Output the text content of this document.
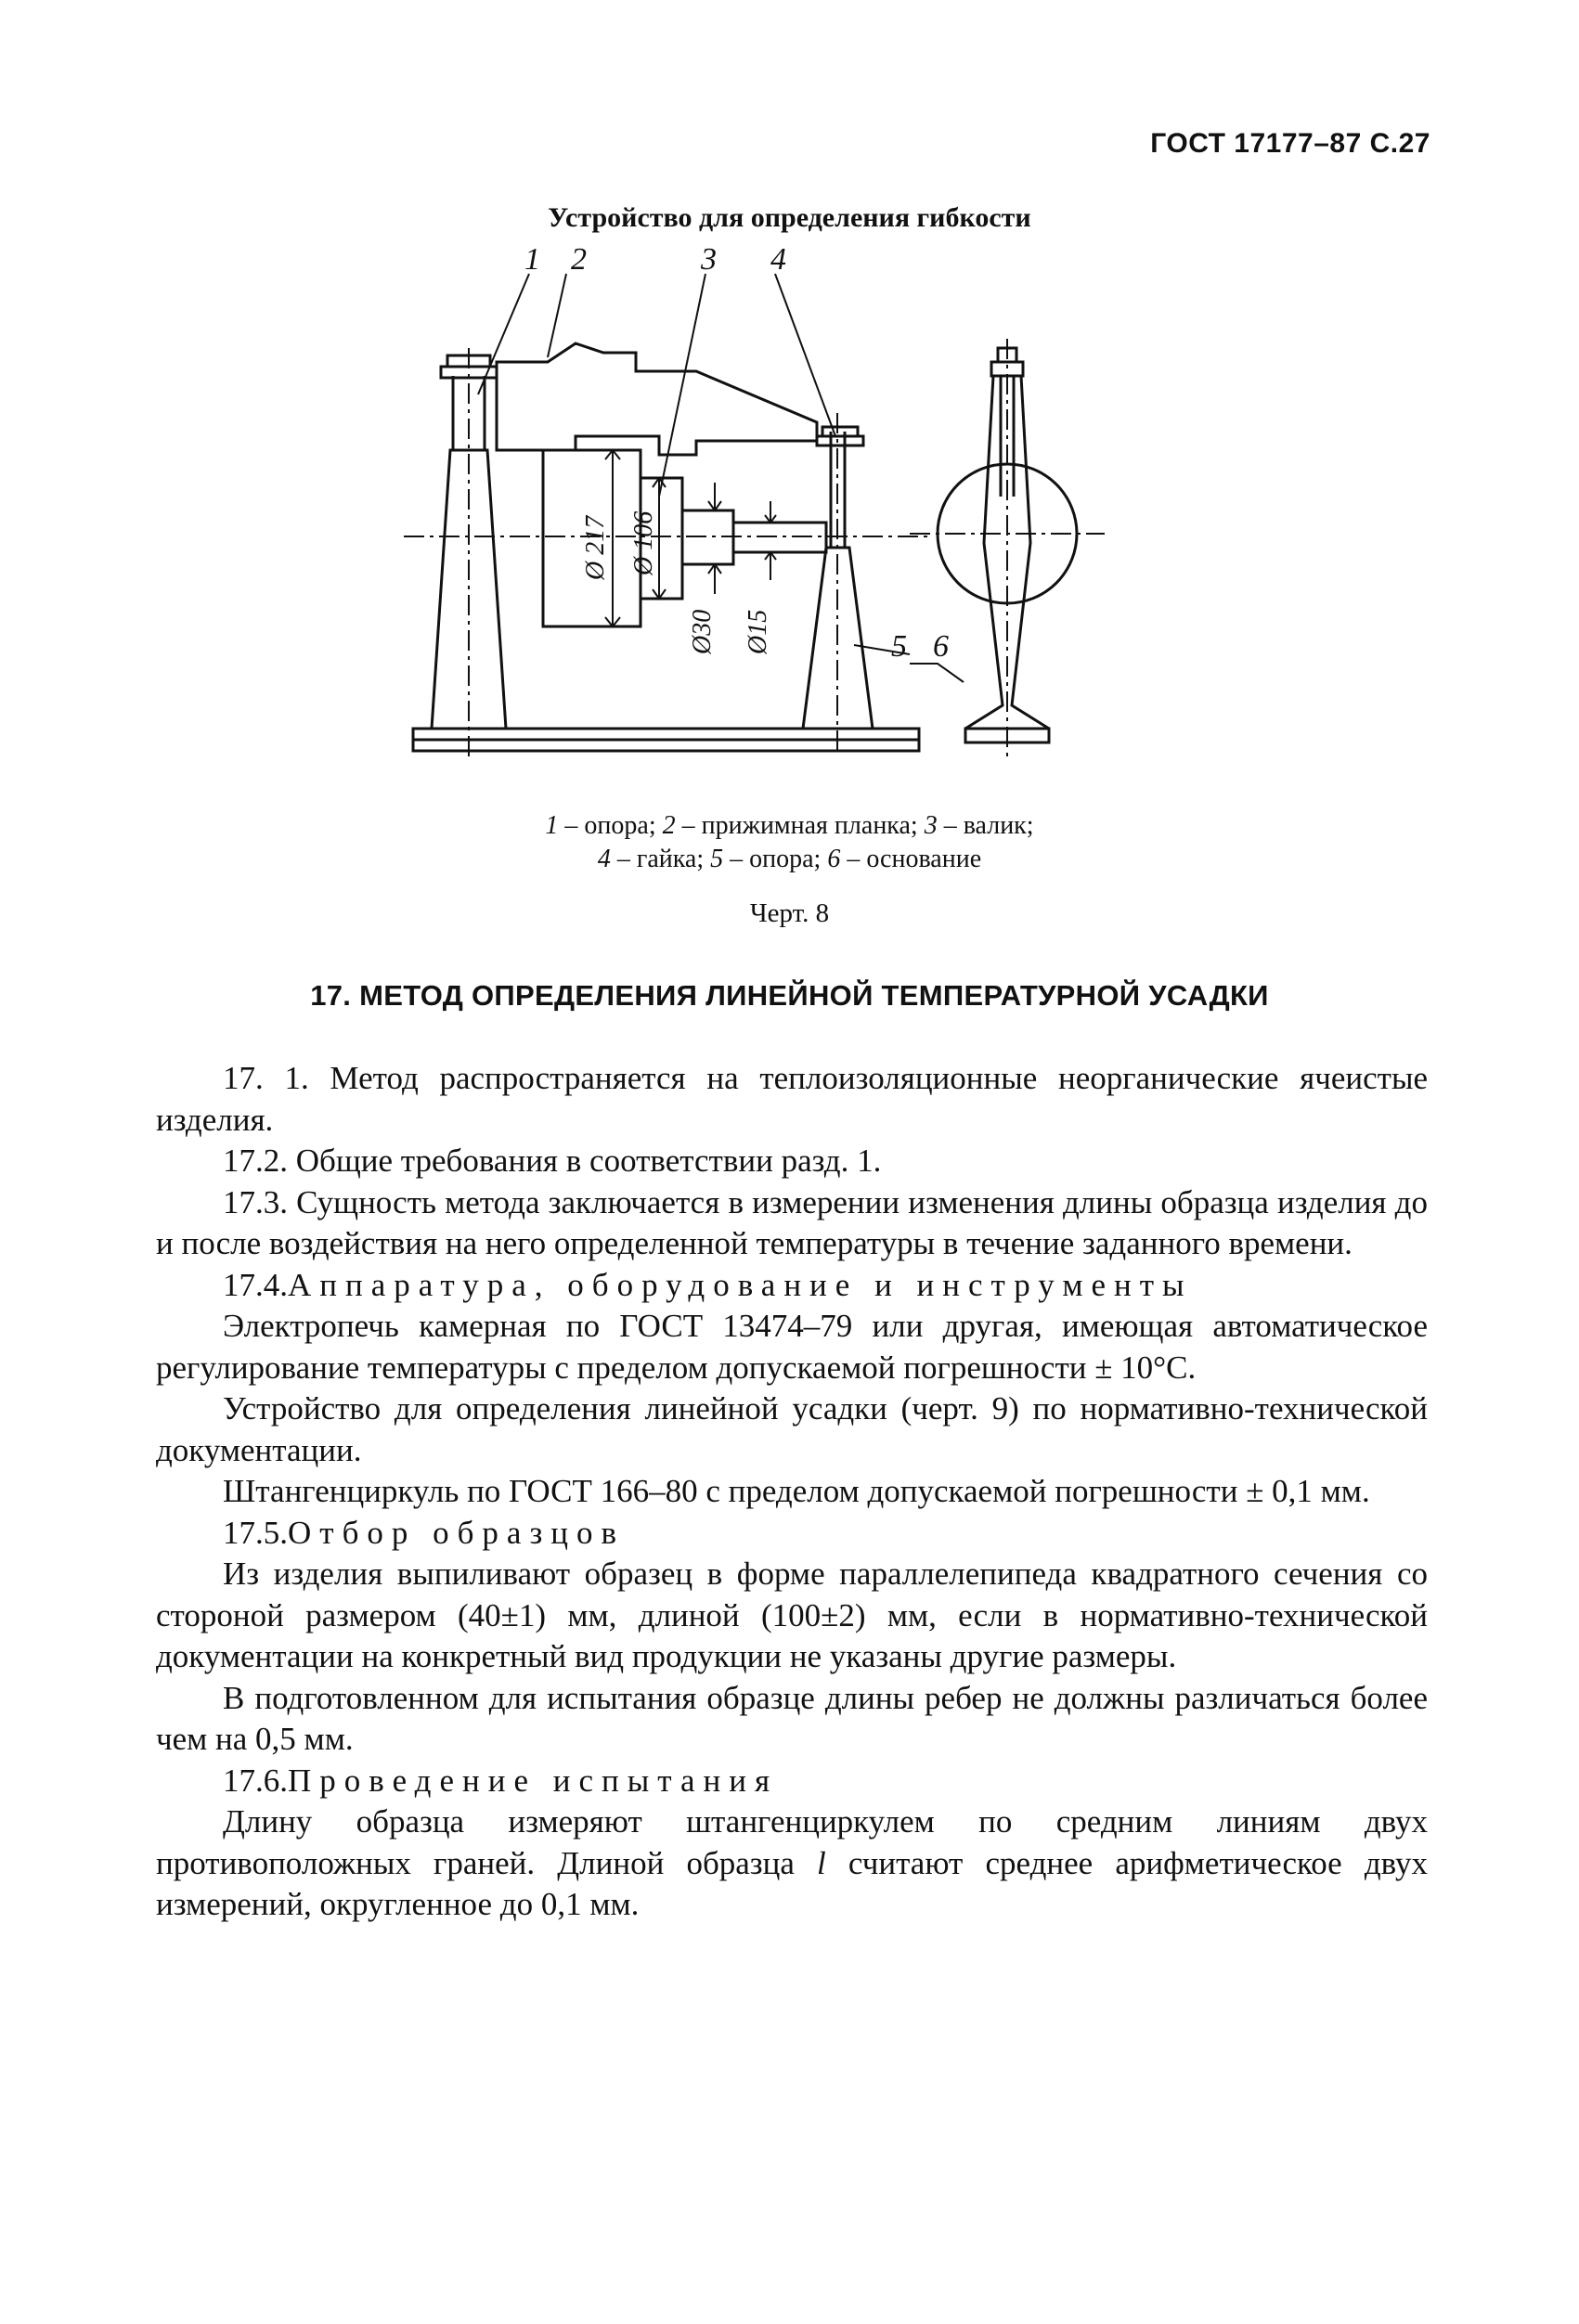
ГОСТ 17177–87 С.27
Устройство для определения гибкости
1 2	3 4
5 6
Ø 217 Ø 106
Ø30 Ø15
1 – опора; 2 – прижимная планка; 3 – валик;
4 – гайка; 5 – опора; 6 – основание
Черт. 8
17. МЕТОД ОПРЕДЕЛЕНИЯ ЛИНЕЙНОЙ ТЕМПЕРАТУРНОЙ УСАДКИ

17. 1. Метод распространяется на теплоизоляционные неорганические ячеистые изделия.

17.2. Общие требования в соответствии разд. 1.

17.3. Сущность метода заключается в измерении изменения длины образца изделия до и после воздействия на него определенной температуры в течение заданного времени.

17.4.Аппаратура, оборудование и инструменты

Электропечь камерная по ГОСТ 13474–79 или другая, имеющая автоматическое регулирование температуры с пределом допускаемой погрешности ± 10°С.

Устройство для определения линейной усадки (черт. 9) по нормативно-технической документации.

Штангенциркуль по ГОСТ 166–80 с пределом допускаемой погрешности ± 0,1 мм.

17.5.Отбор образцов

Из изделия выпиливают образец в форме параллелепипеда квадратного сечения со стороной размером (40±1) мм, длиной (100±2) мм, если в нормативно-технической документации на конкретный вид продукции не указаны другие размеры.

В подготовленном для испытания образце длины ребер не должны различаться более чем на 0,5 мм.

17.6.Проведение испытания

Длину образца измеряют штангенциркулем по средним линиям двух противоположных граней. Длиной образца l считают среднее арифметическое двух измерений, округленное до 0,1 мм.
